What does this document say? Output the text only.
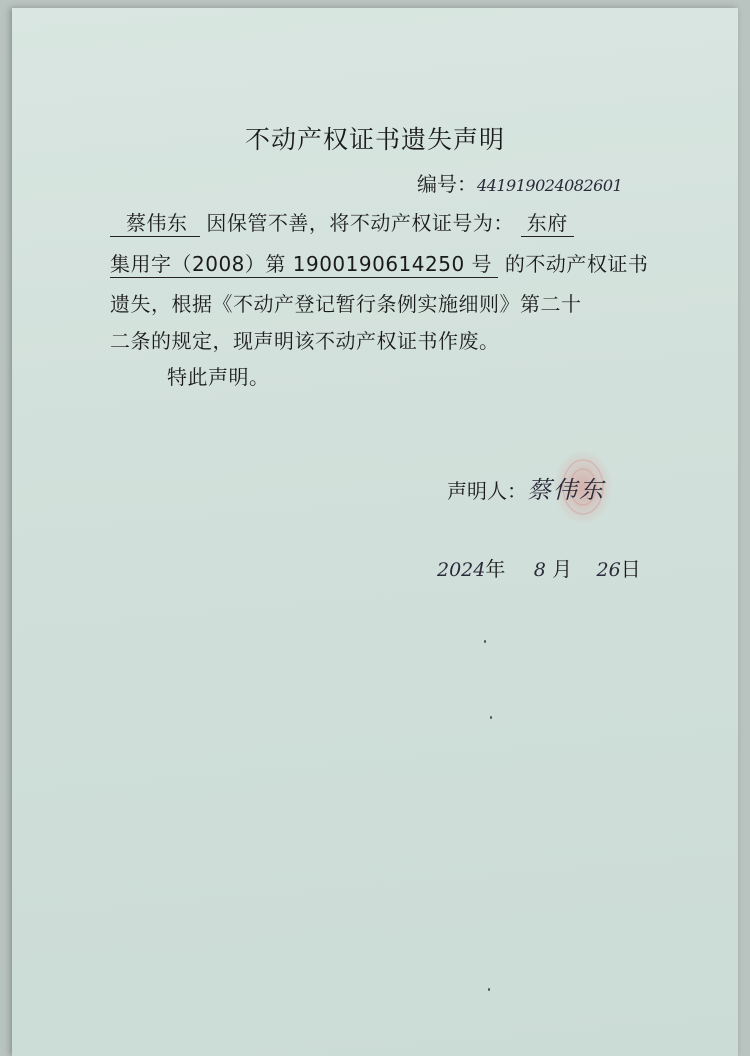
不动产权证书遗失声明
编号：441919024082601
蔡伟东 因保管不善，将不动产权证号为： 东府
集用字（2008）第 1900190614250 号 的不动产权证书
遗失，根据《不动产登记暂行条例实施细则》第二十
二条的规定，现声明该不动产权证书作废。
特此声明。
声明人：蔡伟东
2024年 8 月 26日
